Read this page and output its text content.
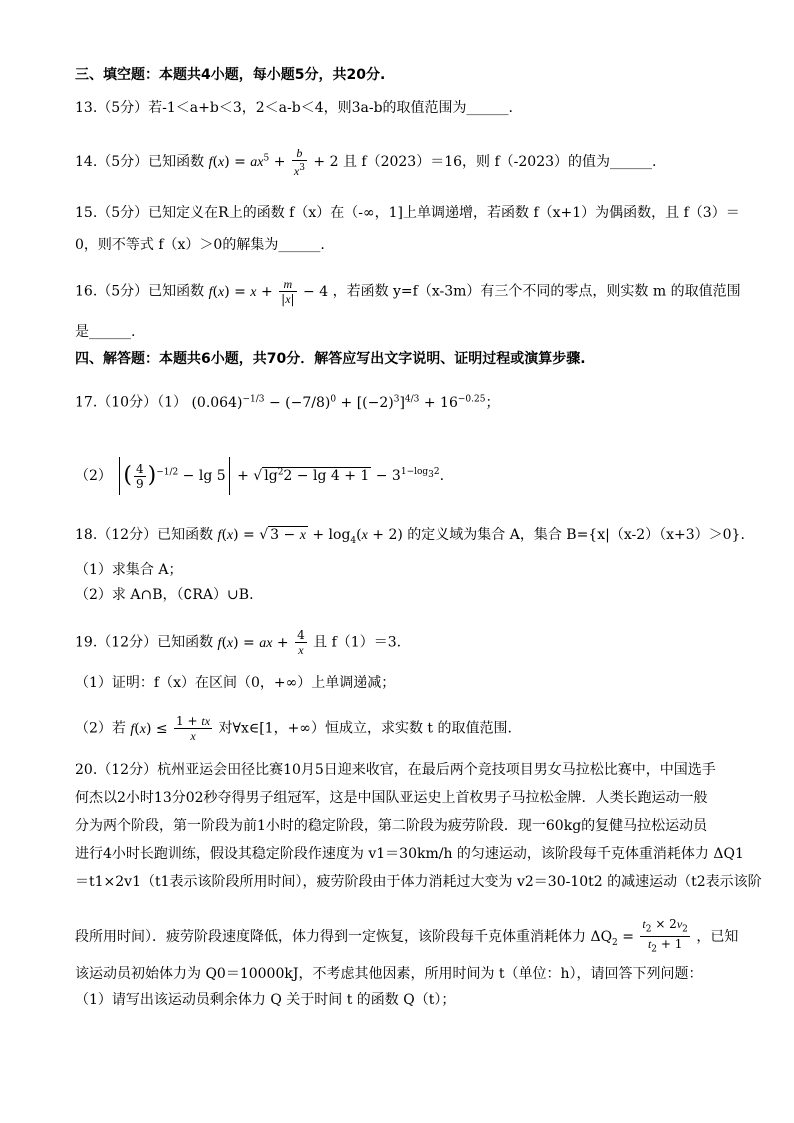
三、填空题：本题共4小题，每小题5分，共20分.
13.（5分）若-1＜a+b＜3，2＜a-b＜4，则3a-b的取值范围为______.
14.（5分）已知函数 $f(x) = ax^5 + \frac{b}{x^3} + 2$ 且 f（2023）＝16，则 f（-2023）的值为______.
15.（5分）已知定义在R上的函数 f（x）在（-∞，1]上单调递增，若函数 f（x+1）为偶函数，且 f（3）＝
0，则不等式 f（x）＞0的解集为______.
16.（5分）已知函数 $f(x) = x + \frac{m}{|x|} - 4$ ，若函数 y=f（x-3m）有三个不同的零点，则实数 m 的取值范围
是______.
四、解答题：本题共6小题，共70分．解答应写出文字说明、证明过程或演算步骤.
17.（10分）（1） $(0.064)^{-1/3} - (-7/8)^0 + [(-2)^3]^{4/3} + 16^{-0.25}$；
（2） ( $\frac{4}{9} )^{-1/2} - \lg 5$ + √ $\lg^22 - \lg 4 + 1 - 3^{1-log_32}$.
18.（12分）已知函数 f(x) = √ $3 - x + \log_4(x + 2)$ 的定义域为集合 A，集合 B={x|（x-2）（x+3）＞0}.
（1）求集合 A；
（2）求 A∩B，（∁RA）∪B.
19.（12分）已知函数 f(x) = ax + $\frac{4}{x}$ 且 f（1）＝3.
（1）证明：f（x）在区间（0，+∞）上单调递减；
（2）若 $f(x) \le \frac{1 + tx}{x}$ 对∀x∈[1，+∞）恒成立，求实数 t 的取值范围.
20.（12分）杭州亚运会田径比赛10月5日迎来收官，在最后两个竞技项目男女马拉松比赛中，中国选手
何杰以2小时13分02秒夺得男子组冠军，这是中国队亚运史上首枚男子马拉松金牌．人类长跑运动一般
分为两个阶段，第一阶段为前1小时的稳定阶段，第二阶段为疲劳阶段．现一60kg的复健马拉松运动员
进行4小时长跑训练，假设其稳定阶段作速度为 v1＝30km/h 的匀速运动，该阶段每千克体重消耗体力 ΔQ1
＝t1×2v1（t1表示该阶段所用时间），疲劳阶段由于体力消耗过大变为 v2＝30-10t2 的减速运动（t2表示该阶
段所用时间）．疲劳阶段速度降低，体力得到一定恢复，该阶段每千克体重消耗体力 $\Delta Q_2 = \frac{t_2 \times 2v_2}{t_2 + 1}$ ，已知
该运动员初始体力为 Q0＝10000kJ，不考虑其他因素，所用时间为 t（单位：h），请回答下列问题：
（1）请写出该运动员剩余体力 Q 关于时间 t 的函数 Q（t）；
